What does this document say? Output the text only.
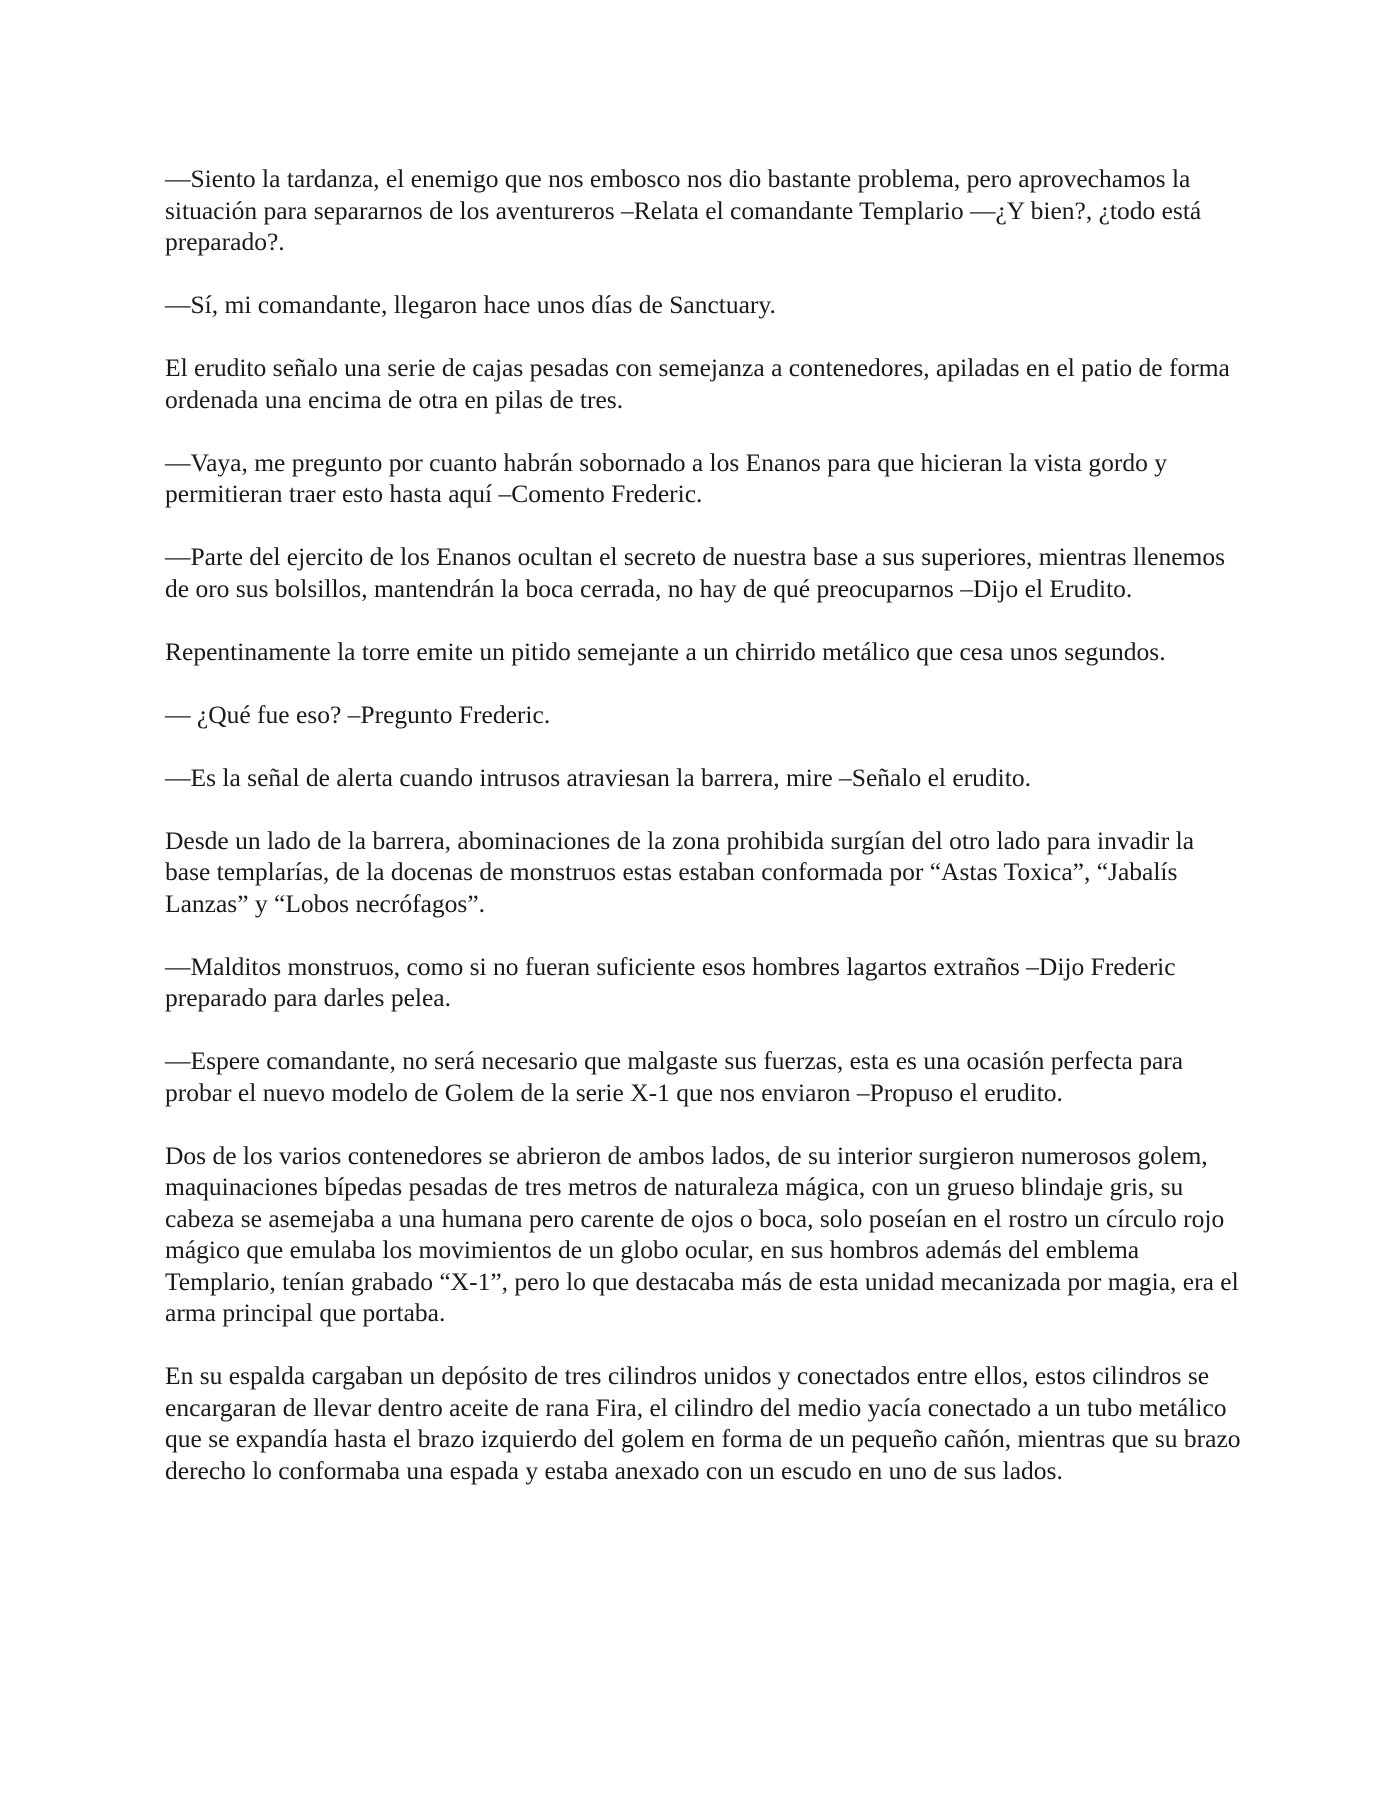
—Siento la tardanza, el enemigo que nos embosco nos dio bastante problema, pero aprovechamos la situación para separarnos de los aventureros –Relata el comandante Templario —¿Y bien?, ¿todo está preparado?.

—Sí, mi comandante, llegaron hace unos días de Sanctuary.

El erudito señalo una serie de cajas pesadas con semejanza a contenedores, apiladas en el patio de forma ordenada una encima de otra en pilas de tres.

—Vaya, me pregunto por cuanto habrán sobornado a los Enanos para que hicieran la vista gordo y permitieran traer esto hasta aquí –Comento Frederic.

—Parte del ejercito de los Enanos ocultan el secreto de nuestra base a sus superiores, mientras llenemos de oro sus bolsillos, mantendrán la boca cerrada, no hay de qué preocuparnos –Dijo el Erudito.

Repentinamente la torre emite un pitido semejante a un chirrido metálico que cesa unos segundos.

— ¿Qué fue eso? –Pregunto Frederic.

—Es la señal de alerta cuando intrusos atraviesan la barrera, mire –Señalo el erudito.

Desde un lado de la barrera, abominaciones de la zona prohibida surgían del otro lado para invadir la base templarías, de la docenas de monstruos estas estaban conformada por “Astas Toxica”, “Jabalís Lanzas” y “Lobos necrófagos”.

—Malditos monstruos, como si no fueran suficiente esos hombres lagartos extraños –Dijo Frederic preparado para darles pelea.

—Espere comandante, no será necesario que malgaste sus fuerzas, esta es una ocasión perfecta para probar el nuevo modelo de Golem de la serie X-1 que nos enviaron –Propuso el erudito.

Dos de los varios contenedores se abrieron de ambos lados, de su interior surgieron numerosos golem, maquinaciones bípedas pesadas de tres metros de naturaleza mágica, con un grueso blindaje gris, su cabeza se asemejaba a una humana pero carente de ojos o boca, solo poseían en el rostro un círculo rojo mágico que emulaba los movimientos de un globo ocular, en sus hombros además del emblema Templario, tenían grabado “X-1”, pero lo que destacaba más de esta unidad mecanizada por magia, era el arma principal que portaba.

En su espalda cargaban un depósito de tres cilindros unidos y conectados entre ellos, estos cilindros se encargaran de llevar dentro aceite de rana Fira, el cilindro del medio yacía conectado a un tubo metálico que se expandía hasta el brazo izquierdo del golem en forma de un pequeño cañón, mientras que su brazo derecho lo conformaba una espada y estaba anexado con un escudo en uno de sus lados.
